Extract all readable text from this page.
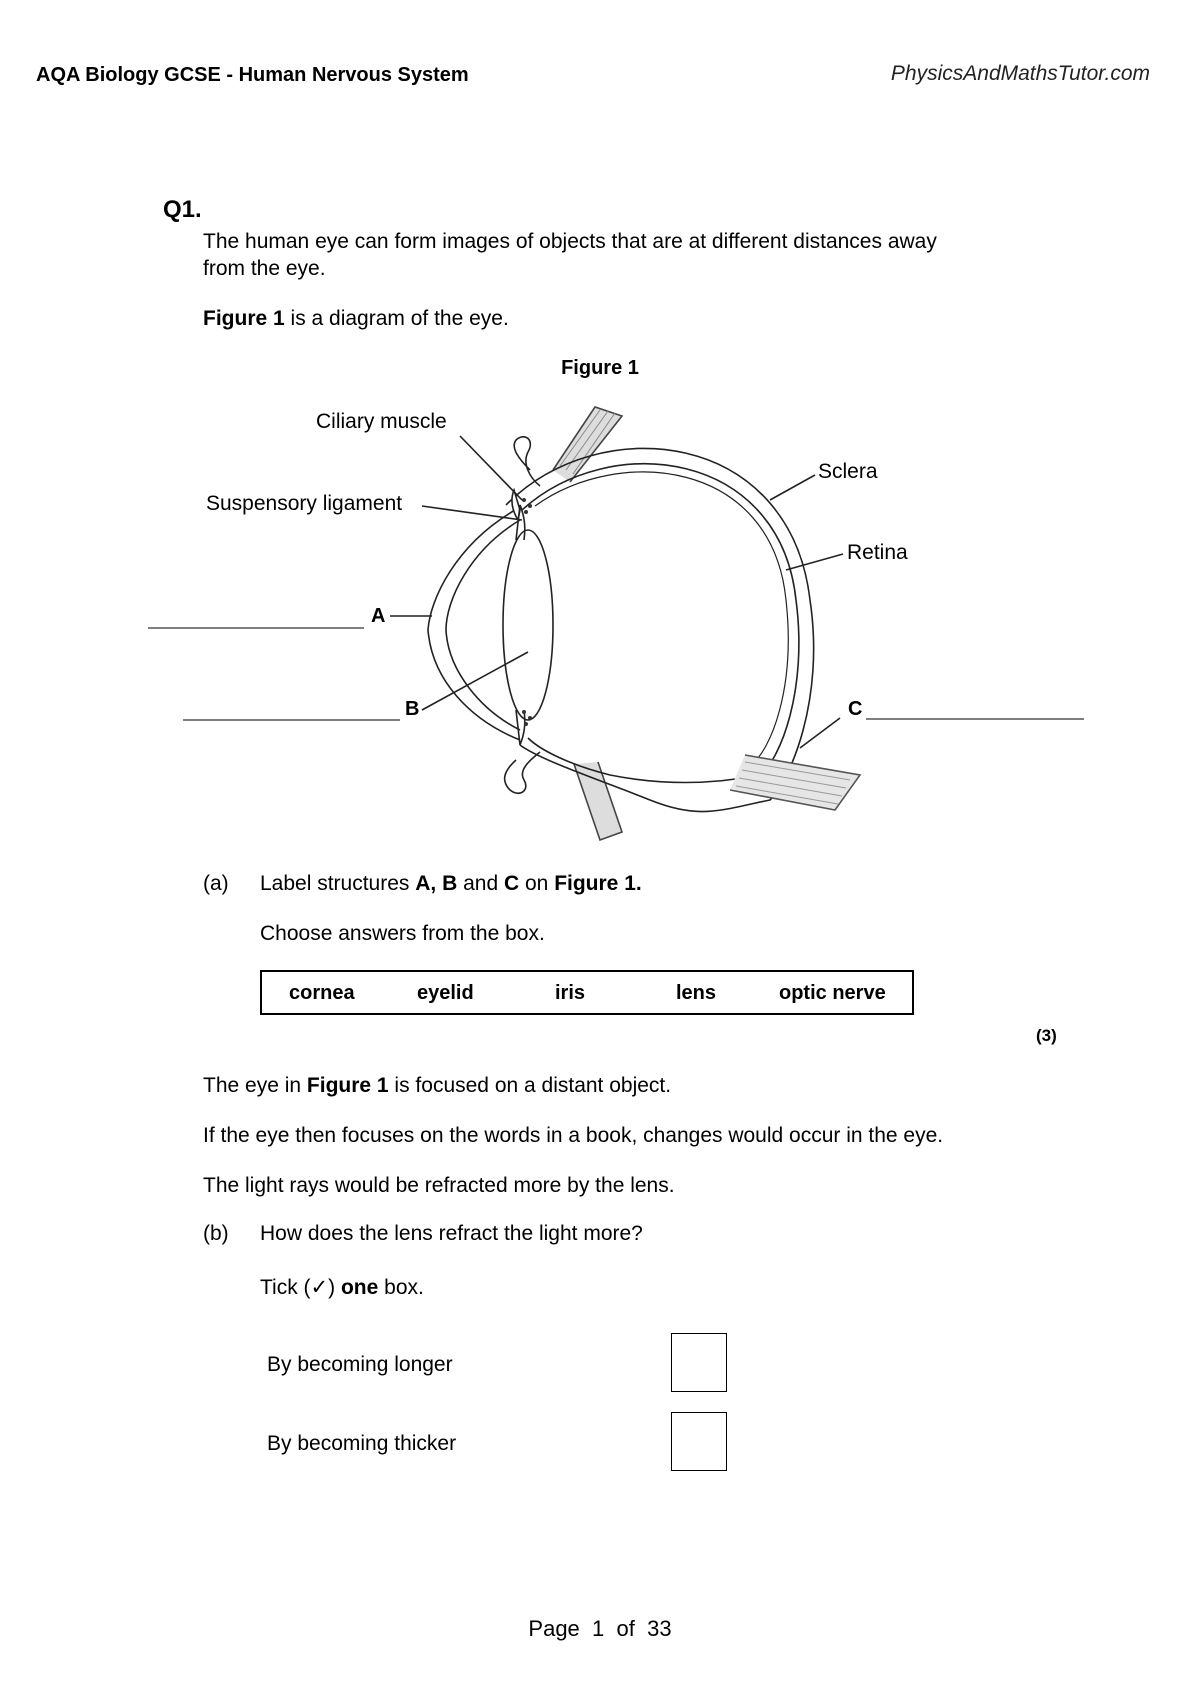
AQA Biology GCSE - Human Nervous System	PhysicsAndMathsTutor.com
Q1.
The human eye can form images of objects that are at different distances away
from the eye.
Figure 1 is a diagram of the eye.
Figure 1
Ciliary muscle
Suspensory ligament
Sclera
Retina
A
B	C
(a) Label structures A, B and C on Figure 1.
Choose answers from the box.
cornea	eyelid	iris	lens	optic nerve
(3)
The eye in Figure 1 is focused on a distant object.
If the eye then focuses on the words in a book, changes would occur in the eye.
The light rays would be refracted more by the lens.
(b) How does the lens refract the light more?
Tick (✓) one box.
By becoming longer
By becoming thicker
Page 1 of 33
